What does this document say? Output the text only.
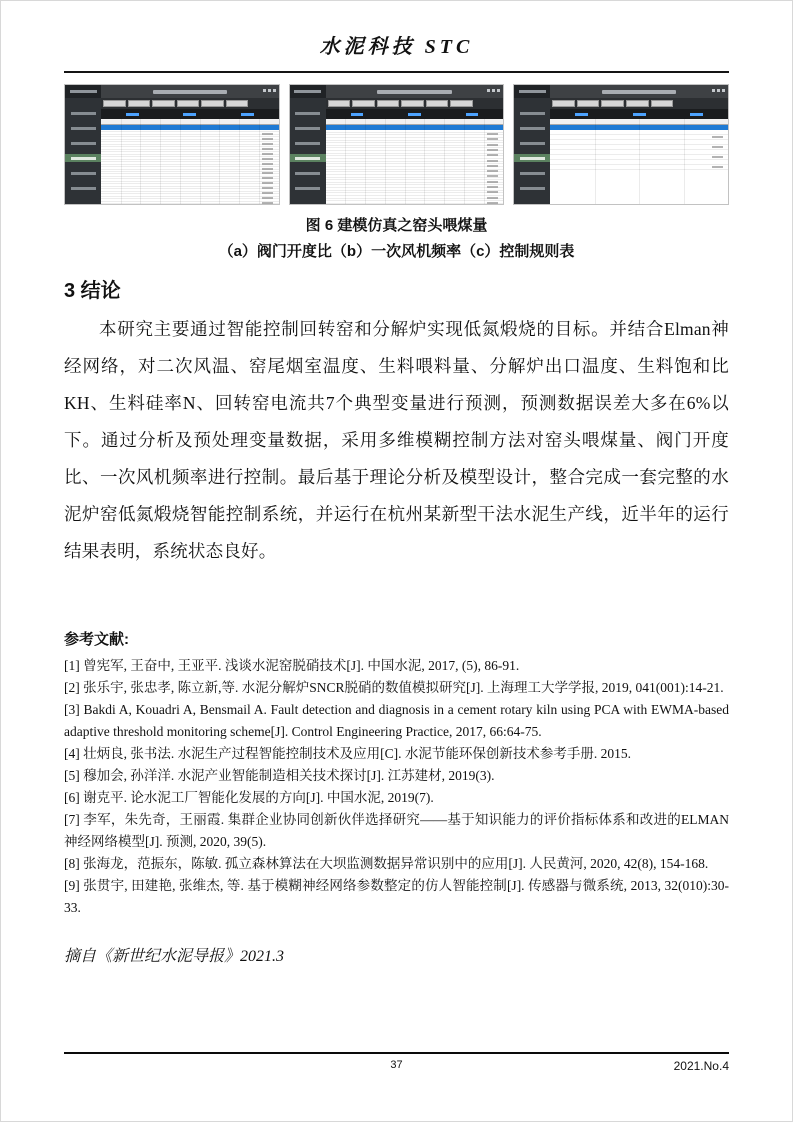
水泥科技 STC
图 6 建模仿真之窑头喂煤量
（a）阀门开度比（b）一次风机频率（c）控制规则表
3 结论

本研究主要通过智能控制回转窑和分解炉实现低氮煅烧的目标。并结合Elman神经网络，对二次风温、窑尾烟室温度、生料喂料量、分解炉出口温度、生料饱和比KH、生料硅率N、回转窑电流共7个典型变量进行预测，预测数据误差大多在6%以下。通过分析及预处理变量数据，采用多维模糊控制方法对窑头喂煤量、阀门开度比、一次风机频率进行控制。最后基于理论分析及模型设计，整合完成一套完整的水泥炉窑低氮煅烧智能控制系统，并运行在杭州某新型干法水泥生产线，近半年的运行结果表明，系统状态良好。

参考文献:

[1] 曾宪军, 王奋中, 王亚平. 浅谈水泥窑脱硝技术[J]. 中国水泥, 2017, (5), 86-91.

[2] 张乐宇, 张忠孝, 陈立新,等. 水泥分解炉SNCR脱硝的数值模拟研究[J]. 上海理工大学学报, 2019, 041(001):14-21.

[3] Bakdi A, Kouadri A, Bensmail A. Fault detection and diagnosis in a cement rotary kiln using PCA with EWMA-based adaptive threshold monitoring scheme[J]. Control Engineering Practice, 2017, 66:64-75.

[4] 壮炳良, 张书法. 水泥生产过程智能控制技术及应用[C]. 水泥节能环保创新技术参考手册. 2015.

[5] 穆加会, 孙洋洋. 水泥产业智能制造相关技术探讨[J]. 江苏建材, 2019(3).

[6] 谢克平. 论水泥工厂智能化发展的方向[J]. 中国水泥, 2019(7).

[7] 李军，朱先奇，王丽霞. 集群企业协同创新伙伴选择研究——基于知识能力的评价指标体系和改进的ELMAN 神经网络模型[J]. 预测, 2020, 39(5).

[8] 张海龙，范振东，陈敏. 孤立森林算法在大坝监测数据异常识别中的应用[J]. 人民黄河, 2020, 42(8), 154-168.

[9] 张贯宇, 田建艳, 张维杰, 等. 基于模糊神经网络参数整定的仿人智能控制[J]. 传感器与微系统, 2013, 32(010):30-33.

摘自《新世纪水泥导报》2021.3

37	2021.No.4
